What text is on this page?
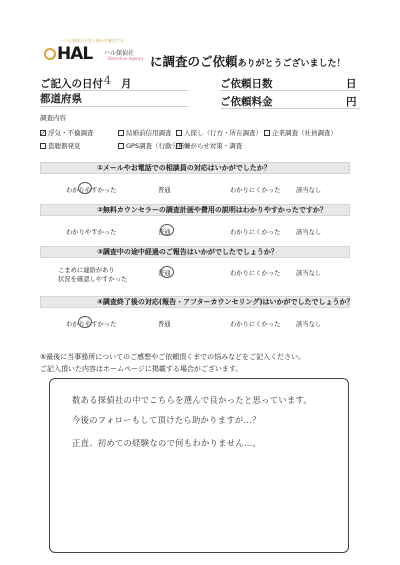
いつも皆様の不安と悩みを解決する
HAL ハル探偵社
Detective Agency に調査のご依頼ありがとうございました！
ご記入の日付 4 月
都道府県
ご依頼日数	日
ご依頼料金	円
調査内容
浮気・不倫調査	結婚前信用調査 人探し（行方・所在調査） 企業調査（社員調査）
盗聴器発見	GPS調査（行動分析）
嫌がらせ対策・調査
①メールやお電話での相談員の対応はいかがでしたか？
わかりやすかった	普通	わかりにくかった 該当なし
②無料カウンセラーの調査計画や費用の説明はわかりやすかったですか？
わかりやすかった	普通	わかりにくかった 該当なし
③調査中の途中経過のご報告はいかがでしたでしょうか？
こまめに連絡があり
状況を確認しやすかった
普通	わかりにくかった 該当なし
④調査終了後の対応(報告・アフターカウンセリング)はいかがでしたでしょうか？
わかりやすかった	普通	わかりにくかった 該当なし
⑤最後に当事務所についてのご感想やご依頼頂くまでの悩みなどをご記入ください。
ご記入頂いた内容はホームページに掲載する場合がございます。
数ある探偵社の中でこちらを選んで良かったと思っています。
今後のフォローもして頂けたら助かりますが…？
正直、初めての経験なので何もわかりません…。
